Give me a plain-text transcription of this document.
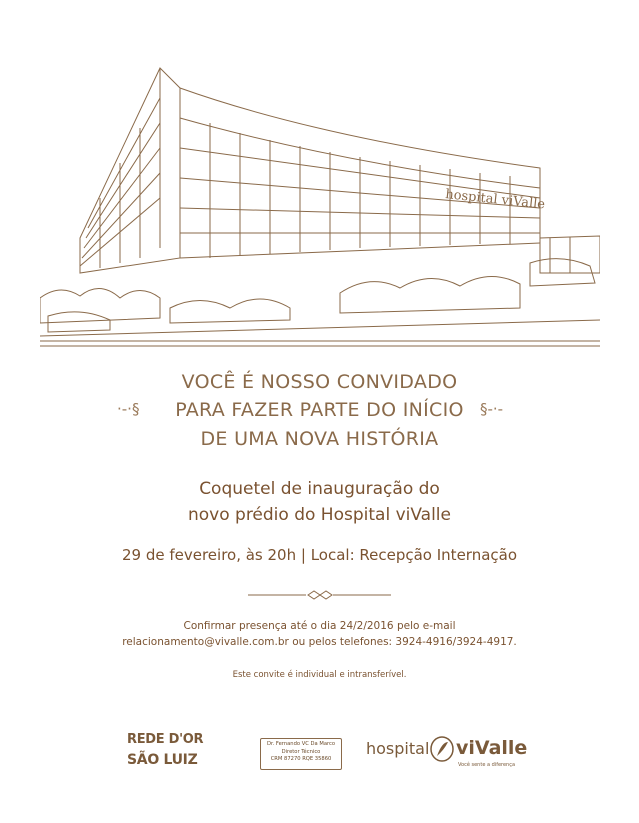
hospital viValle
VOCÊ É NOSSO CONVIDADO
PARA FAZER PARTE DO INÍCIO
DE UMA NOVA HISTÓRIA
·-·§	§-·-
Coquetel de inauguração do
novo prédio do Hospital viValle
29 de fevereiro, às 20h | Local: Recepção Internação
Confirmar presença até o dia 24/2/2016 pelo e-mail
relacionamento@vivalle.com.br ou pelos telefones: 3924-4916/3924-4917.
Este convite é individual e intransferível.
REDE D'OR
SÃO LUIZ
Dr. Fernando VC Da Marco
Diretor Técnico
CRM 87270 RQE 35860
hospital viValle
Você sente a diferença
